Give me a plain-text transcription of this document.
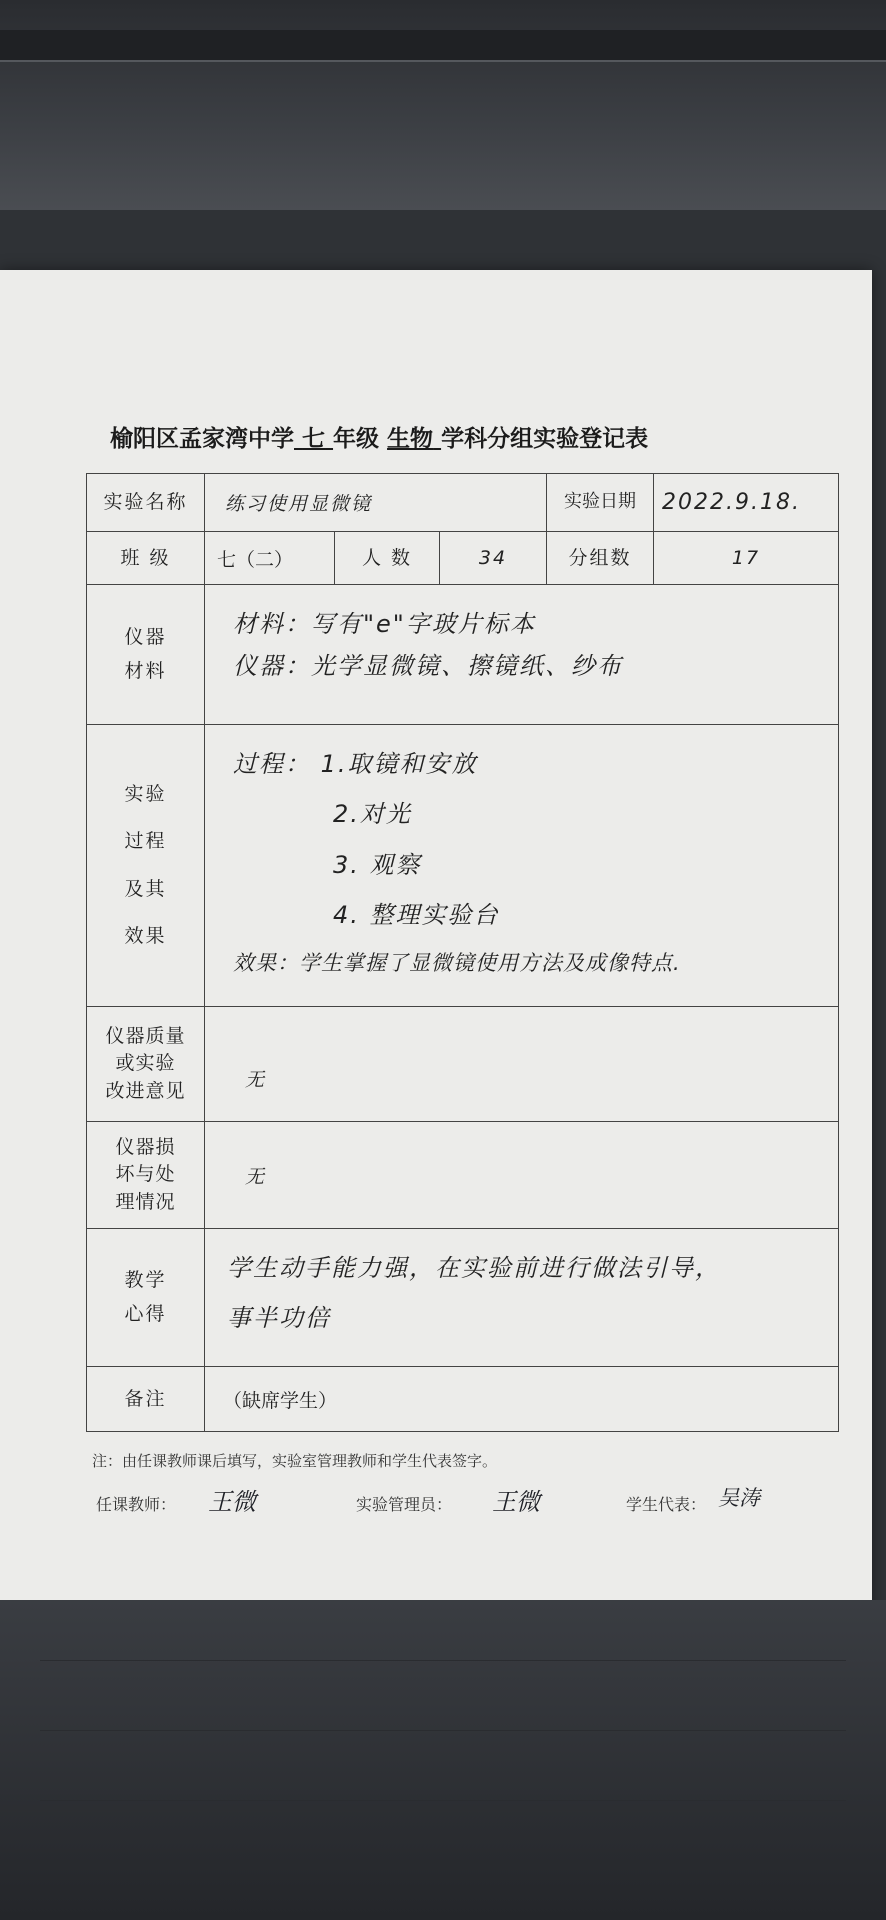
榆阳区孟家湾中学 七 年级 生物 学科分组实验登记表
实验名称	练习使用显微镜			实验日期	2022.9.18.
班 级	七（二）	人 数	34	分组数	17

仪器
材料	材料：写有"e"字玻片标本
仪器：光学显微镜、擦镜纸、纱布				

实验
过程
及其
效果	过程： 1.取镜和安放
2.对光
3. 观察
4. 整理实验台
效果：学生掌握了显微镜使用方法及成像特点.				

仪器质量
或实验
改进意见	无				

仪器损
坏与处
理情况	无				

教学
心得	学生动手能力强，在实验前进行做法引导，
事半功倍				

备注	（缺席学生）				
注：由任课教师课后填写，实验室管理教师和学生代表签字。
任课教师： 王微	实验管理员： 王微	学生代表： 吴涛
